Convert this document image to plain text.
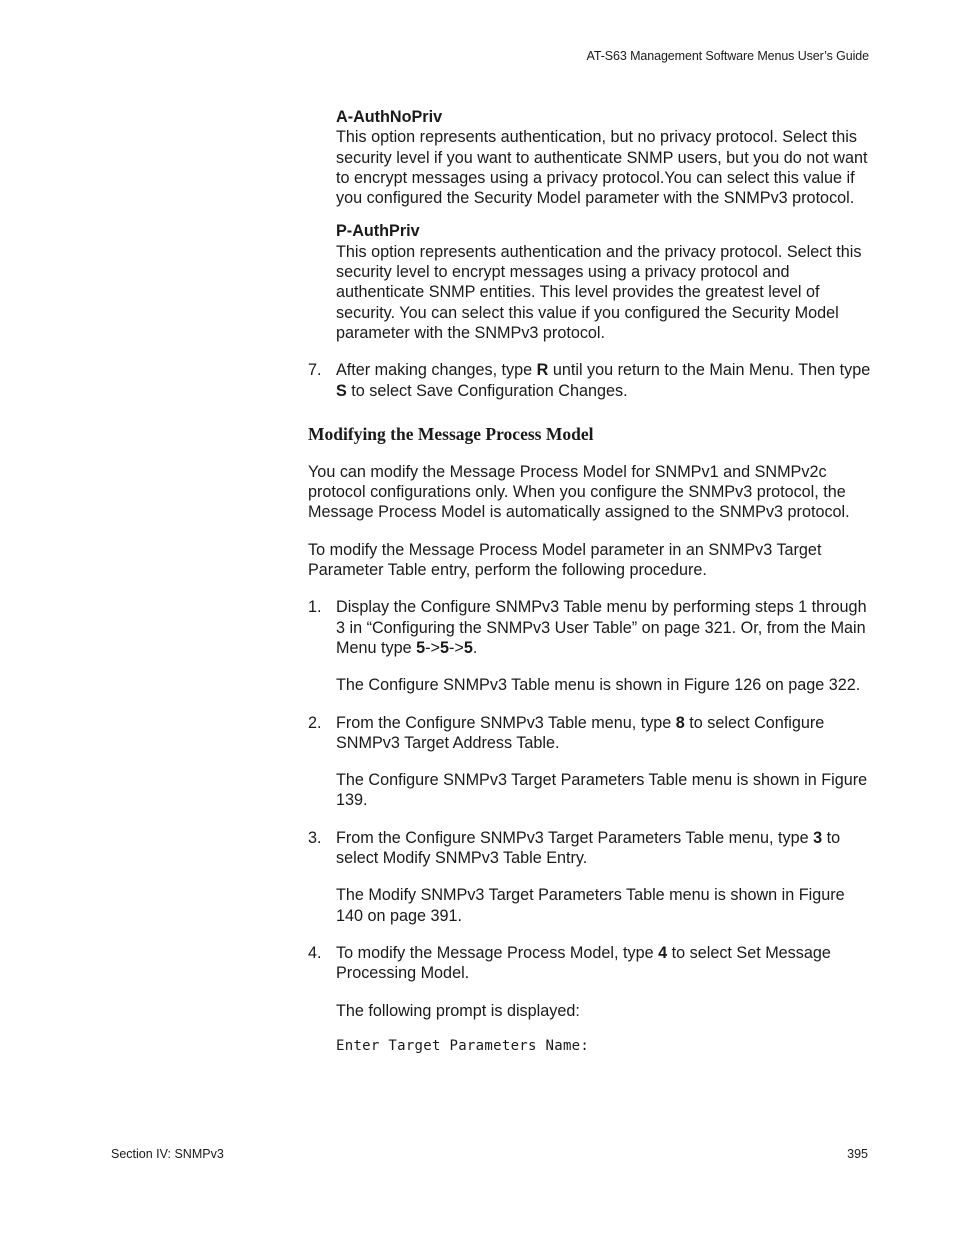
AT-S63 Management Software Menus User’s Guide
A-AuthNoPriv

This option represents authentication, but no privacy protocol. Select this security level if you want to authenticate SNMP users, but you do not want to encrypt messages using a privacy protocol.You can select this value if you configured the Security Model parameter with the SNMPv3 protocol.

P-AuthPriv

This option represents authentication and the privacy protocol. Select this security level to encrypt messages using a privacy protocol and authenticate SNMP entities. This level provides the greatest level of security. You can select this value if you configured the Security Model parameter with the SNMPv3 protocol.

7. After making changes, type R until you return to the Main Menu. Then type S to select Save Configuration Changes.
Modifying the Message Process Model

You can modify the Message Process Model for SNMPv1 and SNMPv2c protocol configurations only. When you configure the SNMPv3 protocol, the Message Process Model is automatically assigned to the SNMPv3 protocol.

To modify the Message Process Model parameter in an SNMPv3 Target Parameter Table entry, perform the following procedure.

1. Display the Configure SNMPv3 Table menu by performing steps 1 through 3 in “Configuring the SNMPv3 User Table” on page 321. Or, from the Main Menu type 5->5->5.

The Configure SNMPv3 Table menu is shown in Figure 126 on page 322.

2. From the Configure SNMPv3 Table menu, type 8 to select Configure SNMPv3 Target Address Table.

The Configure SNMPv3 Target Parameters Table menu is shown in Figure 139.

3. From the Configure SNMPv3 Target Parameters Table menu, type 3 to select Modify SNMPv3 Table Entry.

The Modify SNMPv3 Target Parameters Table menu is shown in Figure 140 on page 391.

4. To modify the Message Process Model, type 4 to select Set Message Processing Model.

The following prompt is displayed:

Enter Target Parameters Name:
Section IV: SNMPv3	395
